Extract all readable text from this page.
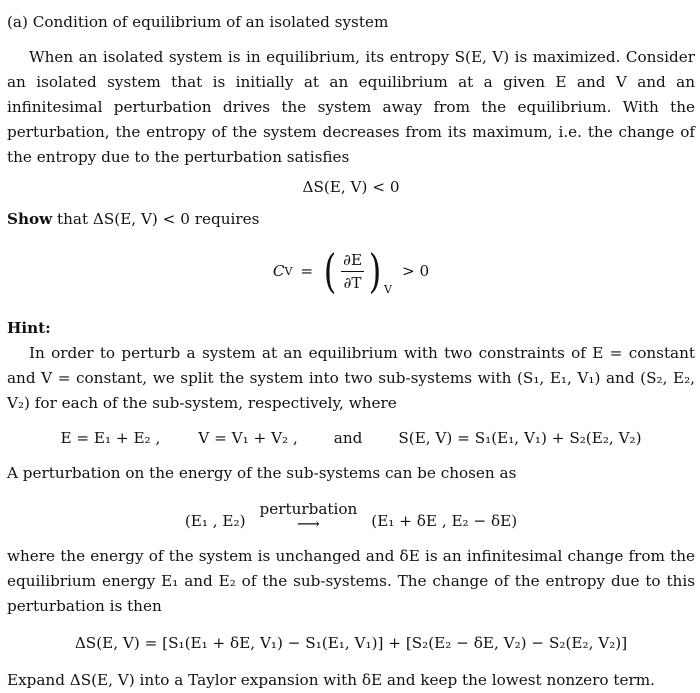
(a) Condition of equilibrium of an isolated system

When an isolated system is in equilibrium, its entropy S(E, V) is maximized. Consider an isolated system that is initially at an equilibrium at a given E and V and an infinitesimal perturbation drives the system away from the equilibrium. With the perturbation, the entropy of the system decreases from its maximum, i.e. the change of the entropy due to the perturbation satisfies

ΔS(E, V) < 0

Show that ΔS(E, V) < 0 requires

C V = ( $\frac{\partial E}{\partial T}$ ) V
> 0
Hint:

In order to perturb a system at an equilibrium with two constraints of E = constant and V = constant, we split the system into two sub-systems with (S₁, E₁, V₁) and (S₂, E₂, V₂) for each of the sub-system, respectively, where

E = E₁ + E₂ ,	V = V₁ + V₂ , and S(E, V) = S₁(E₁, V₁) + S₂(E₂, V₂)

A perturbation on the energy of the sub-systems can be chosen as

(E₁ , E₂)
perturbation
⟶	(E₁ + δE , E₂ − δE)

where the energy of the system is unchanged and δE is an infinitesimal change from the equilibrium energy E₁ and E₂ of the sub-systems. The change of the entropy due to this perturbation is then

ΔS(E, V) = [S₁(E₁ + δE, V₁) − S₁(E₁, V₁)] + [S₂(E₂ − δE, V₂) − S₂(E₂, V₂)]

Expand ΔS(E, V) into a Taylor expansion with δE and keep the lowest nonzero term.
